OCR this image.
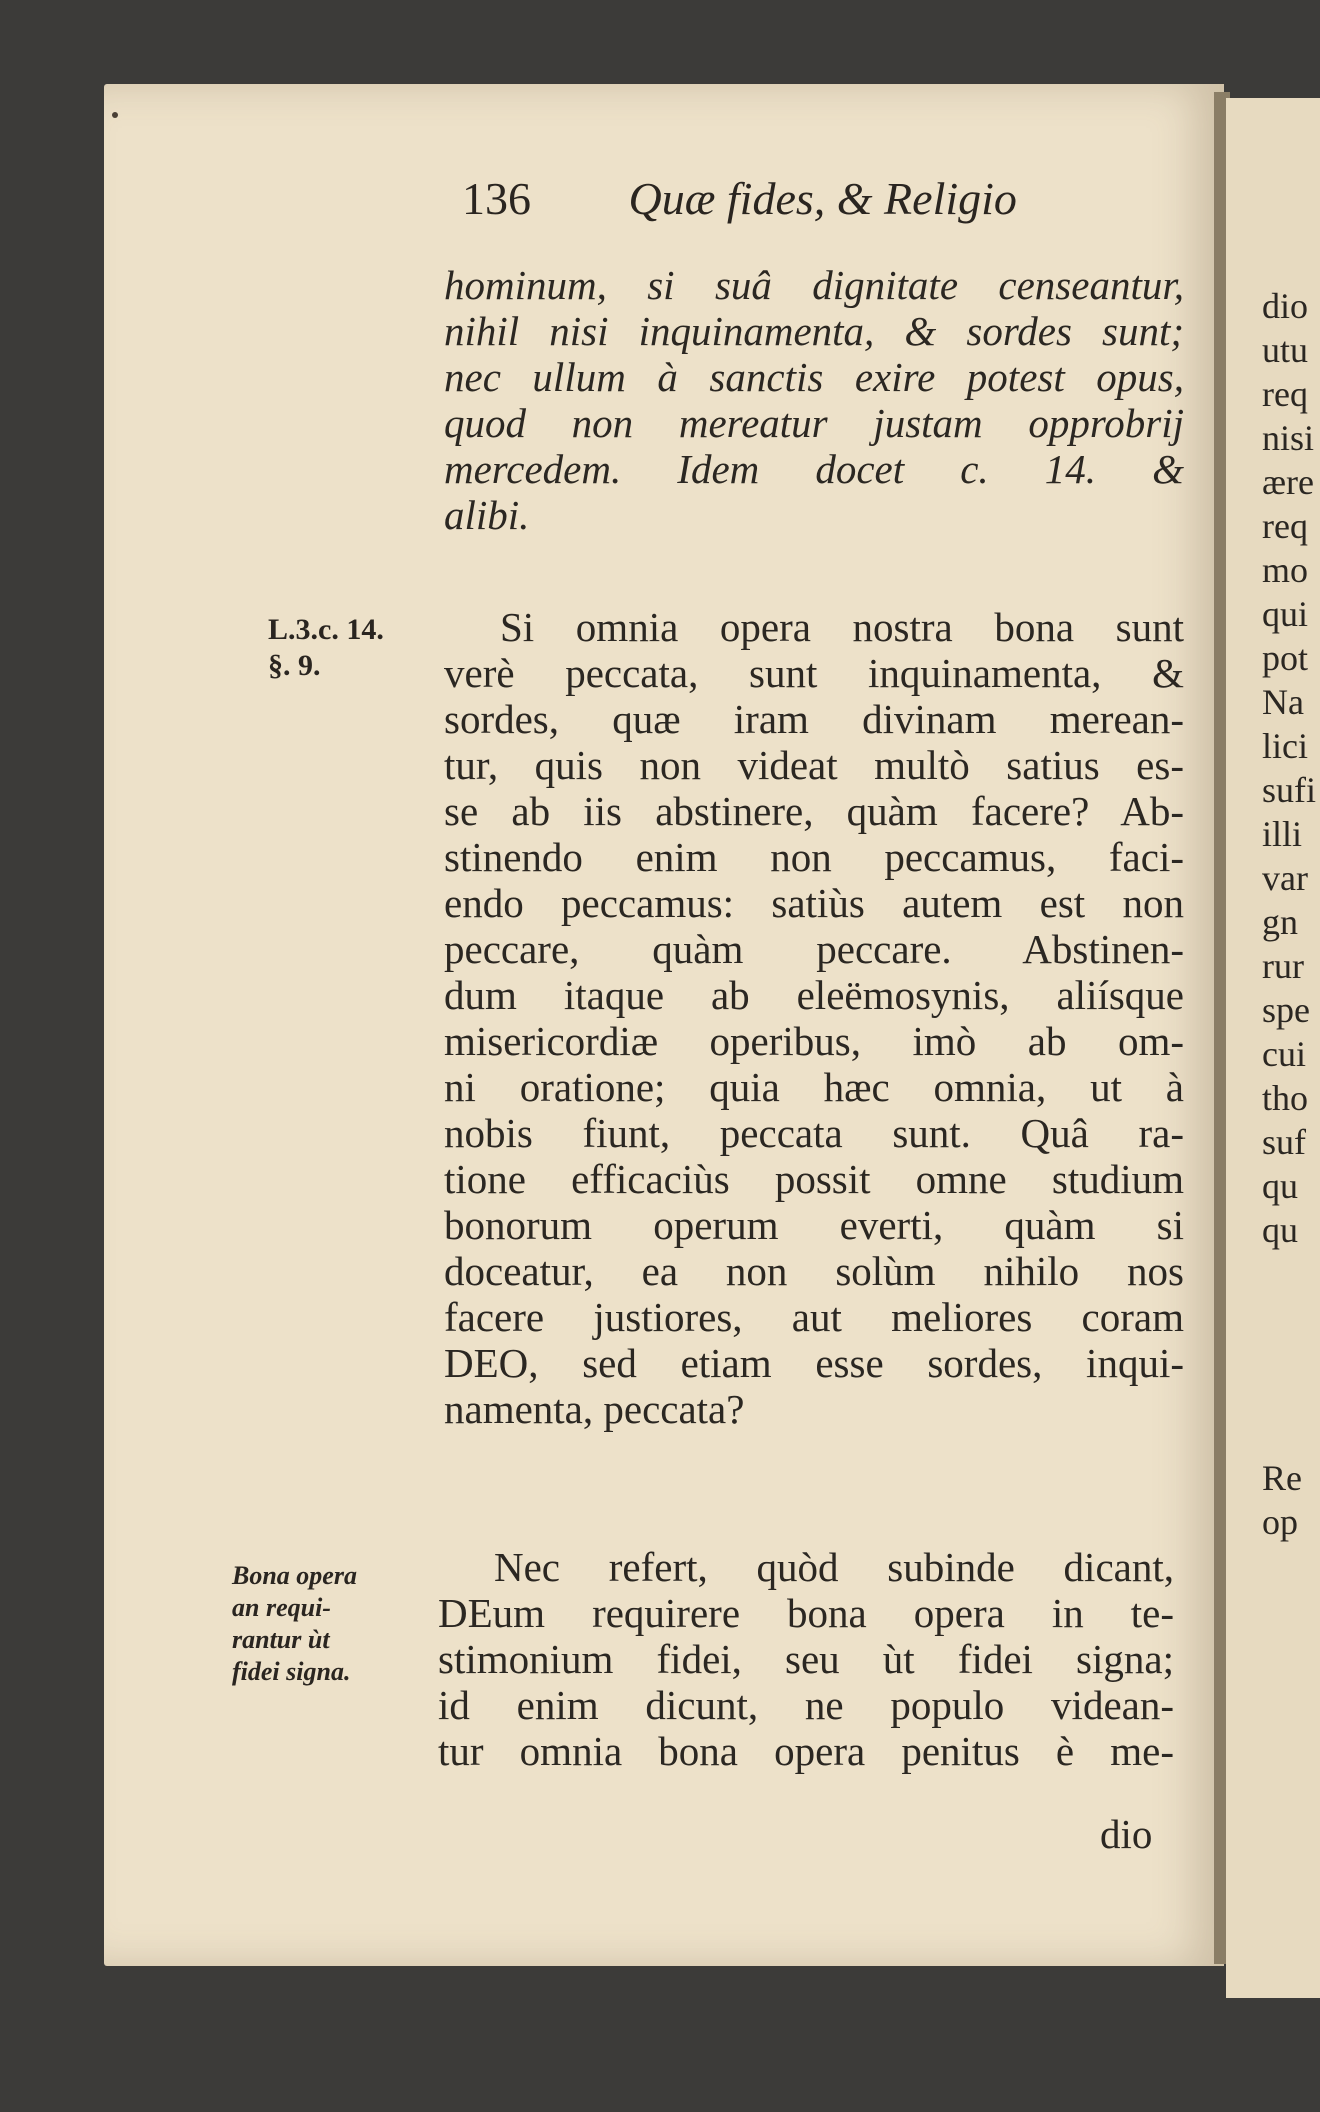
136 Quæ fides, & Religio
hominum, si suâ dignitate censeantur,
nihil nisi inquinamenta, & sordes sunt;
nec ullum à sanctis exire potest opus,
quod non mereatur justam opprobrij
mercedem. Idem docet c. 14. &
alibi.
L.3.c. 14.
§. 9.
Si omnia opera nostra bona sunt
verè peccata, sunt inquinamenta, &
sordes, quæ iram divinam merean-
tur, quis non videat multò satius es-
se ab iis abstinere, quàm facere? Ab-
stinendo enim non peccamus, faci-
endo peccamus: satiùs autem est non
peccare, quàm peccare. Abstinen-
dum itaque ab eleëmosynis, aliísque
misericordiæ operibus, imò ab om-
ni oratione; quia hæc omnia, ut à
nobis fiunt, peccata sunt. Quâ ra-
tione efficaciùs possit omne studium
bonorum operum everti, quàm si
doceatur, ea non solùm nihilo nos
facere justiores, aut meliores coram
DEO, sed etiam esse sordes, inqui-
namenta, peccata?
Bona opera
an requi-
rantur ùt
fidei signa.
Nec refert, quòd subinde dicant,
DEum requirere bona opera in te-
stimonium fidei, seu ùt fidei signa;
id enim dicunt, ne populo videan-
tur omnia bona opera penitus è me-
dio
dio
utu
req
nisi
ære
req
mo
qui
pot
Na
lici
sufi
illi
var
gn
rur
spe
cui
tho
suf
qu
qu
Re
op
